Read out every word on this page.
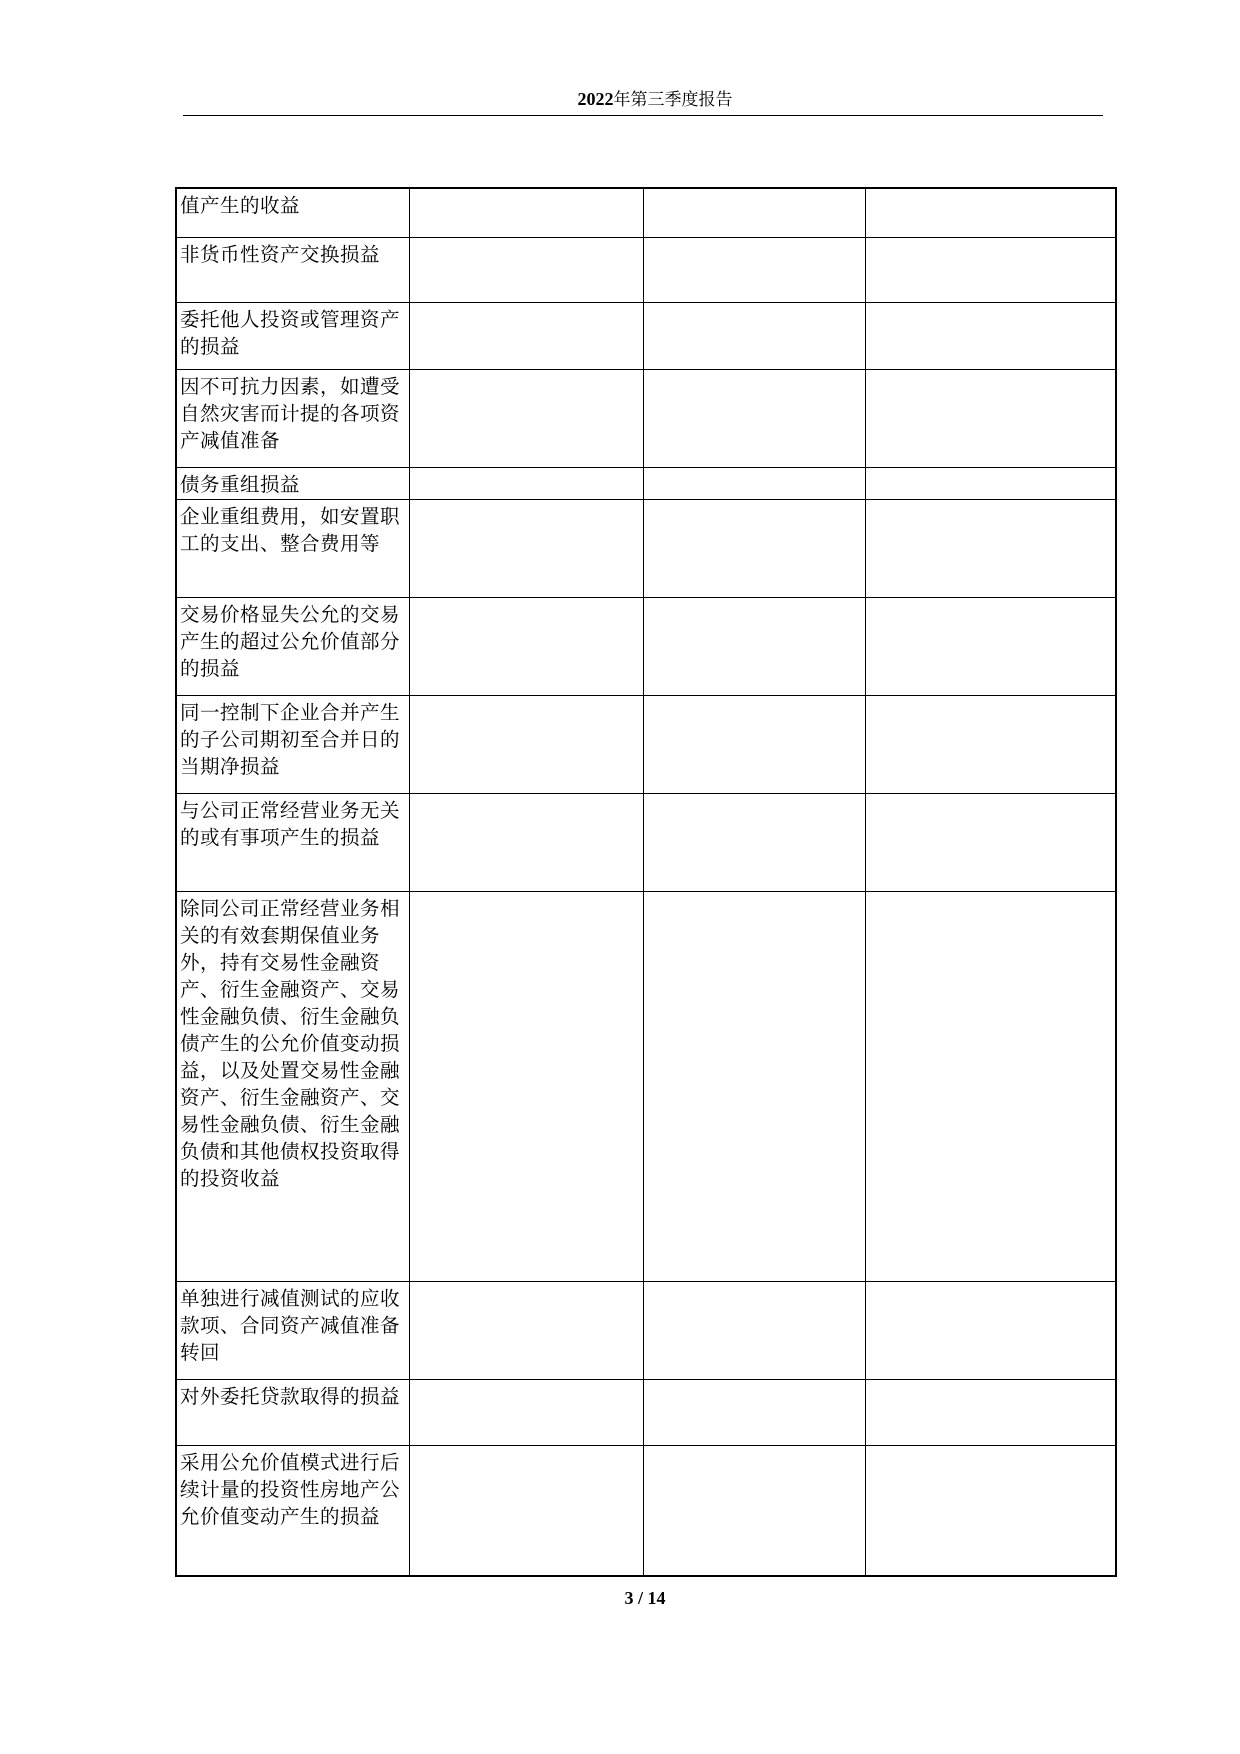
2022年第三季度报告
值产生的收益			
非货币性资产交换损益			
委托他人投资或管理资产的损益			
因不可抗力因素，如遭受自然灾害而计提的各项资产减值准备			
债务重组损益			
企业重组费用，如安置职工的支出、整合费用等			
交易价格显失公允的交易产生的超过公允价值部分的损益			
同一控制下企业合并产生的子公司期初至合并日的当期净损益			
与公司正常经营业务无关的或有事项产生的损益			
除同公司正常经营业务相关的有效套期保值业务外，持有交易性金融资产、衍生金融资产、交易性金融负债、衍生金融负债产生的公允价值变动损益，以及处置交易性金融资产、衍生金融资产、交易性金融负债、衍生金融负债和其他债权投资取得的投资收益			
单独进行减值测试的应收款项、合同资产减值准备转回			
对外委托贷款取得的损益			
采用公允价值模式进行后续计量的投资性房地产公允价值变动产生的损益			
3 / 14
